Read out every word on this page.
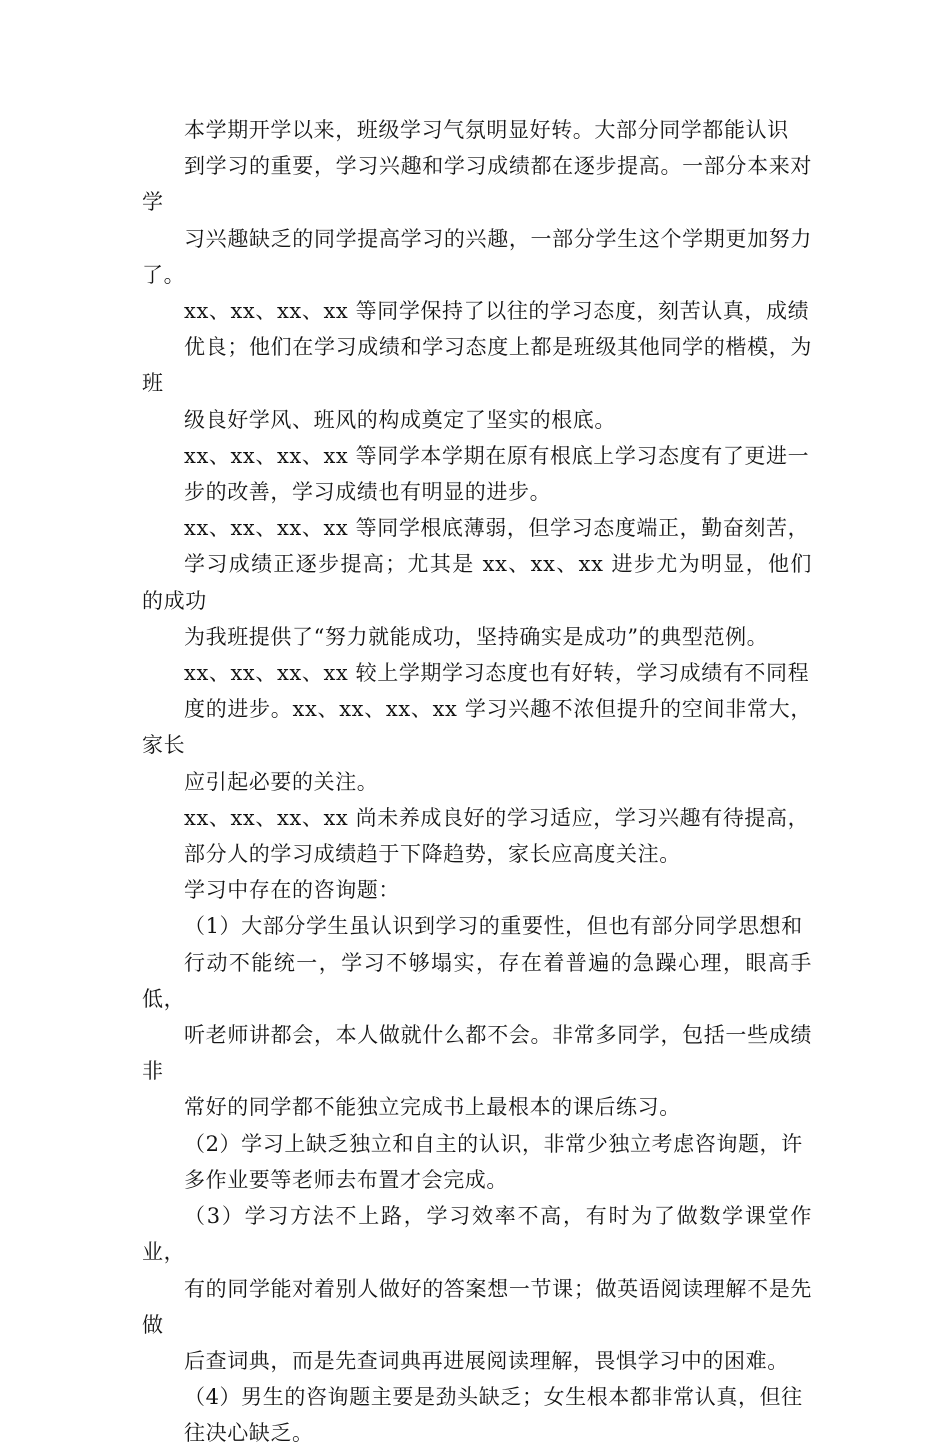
本学期开学以来，班级学习气氛明显好转。大部分同学都能认识
到学习的重要，学习兴趣和学习成绩都在逐步提高。一部分本来对学
习兴趣缺乏的同学提高学习的兴趣，一部分学生这个学期更加努力了。

xx、xx、xx、xx 等同学保持了以往的学习态度，刻苦认真，成绩
优良；他们在学习成绩和学习态度上都是班级其他同学的楷模，为班
级良好学风、班风的构成奠定了坚实的根底。

xx、xx、xx、xx 等同学本学期在原有根底上学习态度有了更进一
步的改善，学习成绩也有明显的进步。

xx、xx、xx、xx 等同学根底薄弱，但学习态度端正，勤奋刻苦，
学习成绩正逐步提高；尤其是 xx、xx、xx 进步尤为明显，他们的成功
为我班提供了“努力就能成功，坚持确实是成功”的典型范例。

xx、xx、xx、xx 较上学期学习态度也有好转，学习成绩有不同程
度的进步。xx、xx、xx、xx 学习兴趣不浓但提升的空间非常大，家长
应引起必要的关注。

xx、xx、xx、xx 尚未养成良好的学习适应，学习兴趣有待提高，
部分人的学习成绩趋于下降趋势，家长应高度关注。

学习中存在的咨询题：

（1）大部分学生虽认识到学习的重要性，但也有部分同学思想和
行动不能统一，学习不够塌实，存在着普遍的急躁心理，眼高手低，
听老师讲都会，本人做就什么都不会。非常多同学，包括一些成绩非
常好的同学都不能独立完成书上最根本的课后练习。

（2）学习上缺乏独立和自主的认识，非常少独立考虑咨询题，许
多作业要等老师去布置才会完成。

（3）学习方法不上路，学习效率不高，有时为了做数学课堂作业，
有的同学能对着别人做好的答案想一节课；做英语阅读理解不是先做
后查词典，而是先查词典再进展阅读理解，畏惧学习中的困难。

（4）男生的咨询题主要是劲头缺乏；女生根本都非常认真，但往
往决心缺乏。
